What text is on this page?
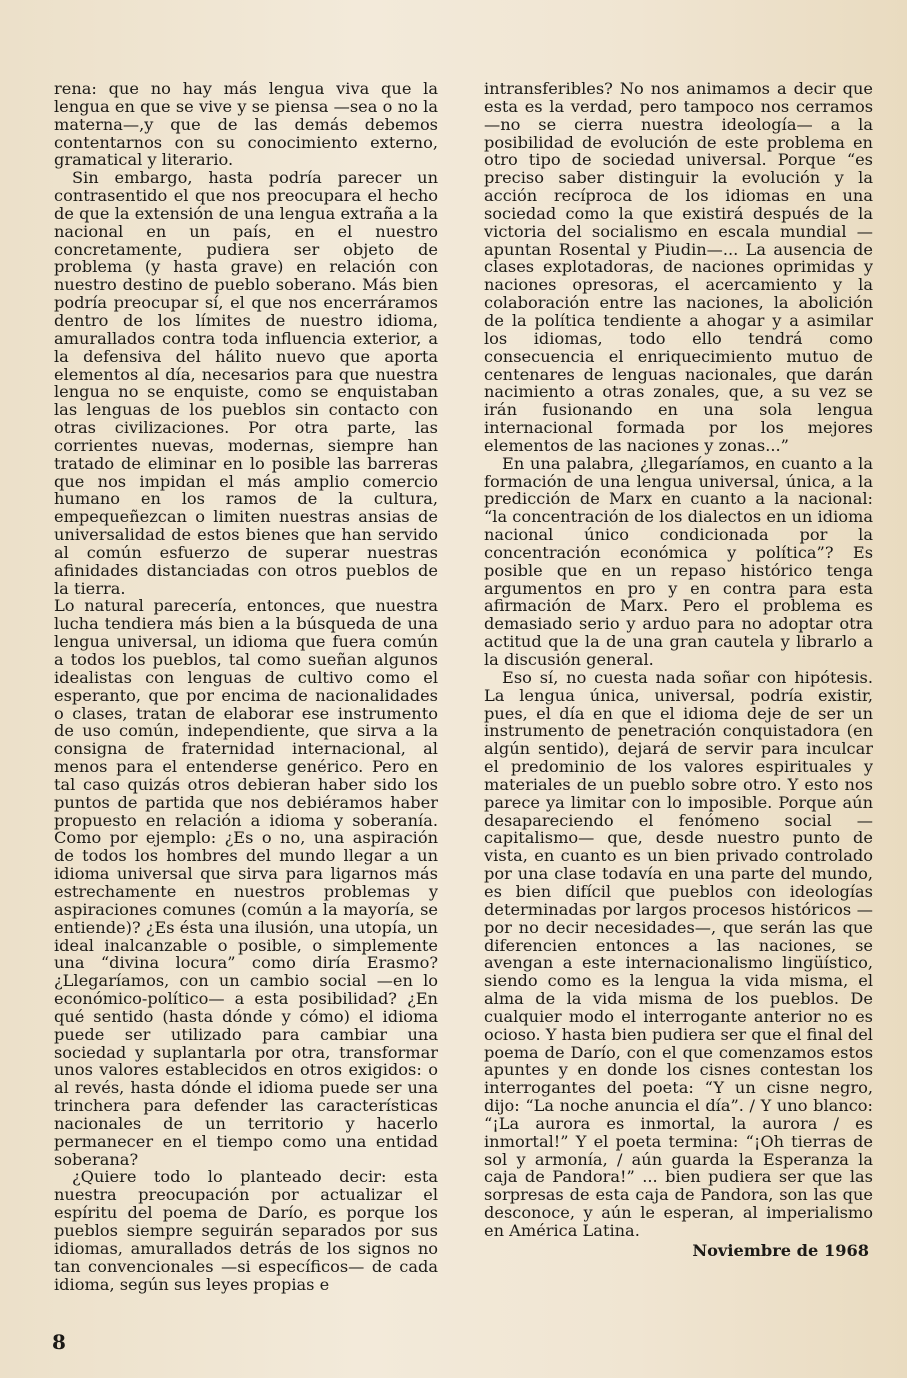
rena: que no hay más lengua viva que la lengua en que se vive y se piensa —sea o no la materna—,y que de las demás debemos contentarnos con su conocimiento externo, gramatical y literario.

Sin embargo, hasta podría parecer un contrasentido el que nos preocupara el hecho de que la extensión de una lengua extraña a la nacional en un país, en el nuestro concretamente, pudiera ser objeto de problema (y hasta grave) en relación con nuestro destino de pueblo soberano. Más bien podría preocupar sí, el que nos encerráramos dentro de los límites de nuestro idioma, amurallados contra toda influencia exterior, a la defensiva del hálito nuevo que aporta elementos al día, necesarios para que nuestra lengua no se enquiste, como se enquistaban las lenguas de los pueblos sin contacto con otras civilizaciones. Por otra parte, las corrientes nuevas, modernas, siempre han tratado de eliminar en lo posible las barreras que nos impidan el más amplio comercio humano en los ramos de la cultura, empequeñezcan o limiten nuestras ansias de universalidad de estos bienes que han servido al común esfuerzo de superar nuestras afinidades distanciadas con otros pueblos de la tierra.

Lo natural parecería, entonces, que nuestra lucha tendiera más bien a la búsqueda de una lengua universal, un idioma que fuera común a todos los pueblos, tal como sueñan algunos idealistas con lenguas de cultivo como el esperanto, que por encima de nacionalidades o clases, tratan de elaborar ese instrumento de uso común, independiente, que sirva a la consigna de fraternidad internacional, al menos para el entenderse genérico. Pero en tal caso quizás otros debieran haber sido los puntos de partida que nos debiéramos haber propuesto en relación a idioma y soberanía. Como por ejemplo: ¿Es o no, una aspiración de todos los hombres del mundo llegar a un idioma universal que sirva para ligarnos más estrechamente en nuestros problemas y aspiraciones comunes (común a la mayoría, se entiende)? ¿Es ésta una ilusión, una utopía, un ideal inalcanzable o posible, o simplemente una “divina locura” como diría Erasmo? ¿Llegaríamos, con un cambio social —en lo económico-político— a esta posibilidad? ¿En qué sentido (hasta dónde y cómo) el idioma puede ser utilizado para cambiar una sociedad y suplantarla por otra, transformar unos valores establecidos en otros exigidos: o al revés, hasta dónde el idioma puede ser una trinchera para defender las características nacionales de un territorio y hacerlo permanecer en el tiempo como una entidad soberana?

¿Quiere todo lo planteado decir: esta nuestra preocupación por actualizar el espíritu del poema de Darío, es porque los pueblos siempre seguirán separados por sus idiomas, amurallados detrás de los signos no tan convencionales —si específicos— de cada idioma, según sus leyes propias e

intransferibles? No nos animamos a decir que esta es la verdad, pero tampoco nos cerramos —no se cierra nuestra ideología— a la posibilidad de evolución de este problema en otro tipo de sociedad universal. Porque “es preciso saber distinguir la evolución y la acción recíproca de los idiomas en una sociedad como la que existirá después de la victoria del socialismo en escala mundial —apuntan Rosental y Piudin—... La ausencia de clases explotadoras, de naciones oprimidas y naciones opresoras, el acercamiento y la colaboración entre las naciones, la abolición de la política tendiente a ahogar y a asimilar los idiomas, todo ello tendrá como consecuencia el enriquecimiento mutuo de centenares de lenguas nacionales, que darán nacimiento a otras zonales, que, a su vez se irán fusionando en una sola lengua internacional formada por los mejores elementos de las naciones y zonas...”

En una palabra, ¿llegaríamos, en cuanto a la formación de una lengua universal, única, a la predicción de Marx en cuanto a la nacional: “la concentración de los dialectos en un idioma nacional único condicionada por la concentración económica y política”? Es posible que en un repaso histórico tenga argumentos en pro y en contra para esta afirmación de Marx. Pero el problema es demasiado serio y arduo para no adoptar otra actitud que la de una gran cautela y librarlo a la discusión general.

Eso sí, no cuesta nada soñar con hipótesis. La lengua única, universal, podría existir, pues, el día en que el idioma deje de ser un instrumento de penetración conquistadora (en algún sentido), dejará de servir para inculcar el predominio de los valores espirituales y materiales de un pueblo sobre otro. Y esto nos parece ya limitar con lo imposible. Porque aún desapareciendo el fenómeno social —capitalismo— que, desde nuestro punto de vista, en cuanto es un bien privado controlado por una clase todavía en una parte del mundo, es bien difícil que pueblos con ideologías determinadas por largos procesos históricos —por no decir necesidades—, que serán las que diferencien entonces a las naciones, se avengan a este internacionalismo lingüístico, siendo como es la lengua la vida misma, el alma de la vida misma de los pueblos. De cualquier modo el interrogante anterior no es ocioso. Y hasta bien pudiera ser que el final del poema de Darío, con el que comenzamos estos apuntes y en donde los cisnes contestan los interrogantes del poeta: “Y un cisne negro, dijo: “La noche anuncia el día”. / Y uno blanco: “¡La aurora es inmortal, la aurora / es inmortal!” Y el poeta termina: “¡Oh tierras de sol y armonía, / aún guarda la Esperanza la caja de Pandora!” ... bien pudiera ser que las sorpresas de esta caja de Pandora, son las que desconoce, y aún le esperan, al imperialismo en América Latina.

Noviembre de 1968

8
